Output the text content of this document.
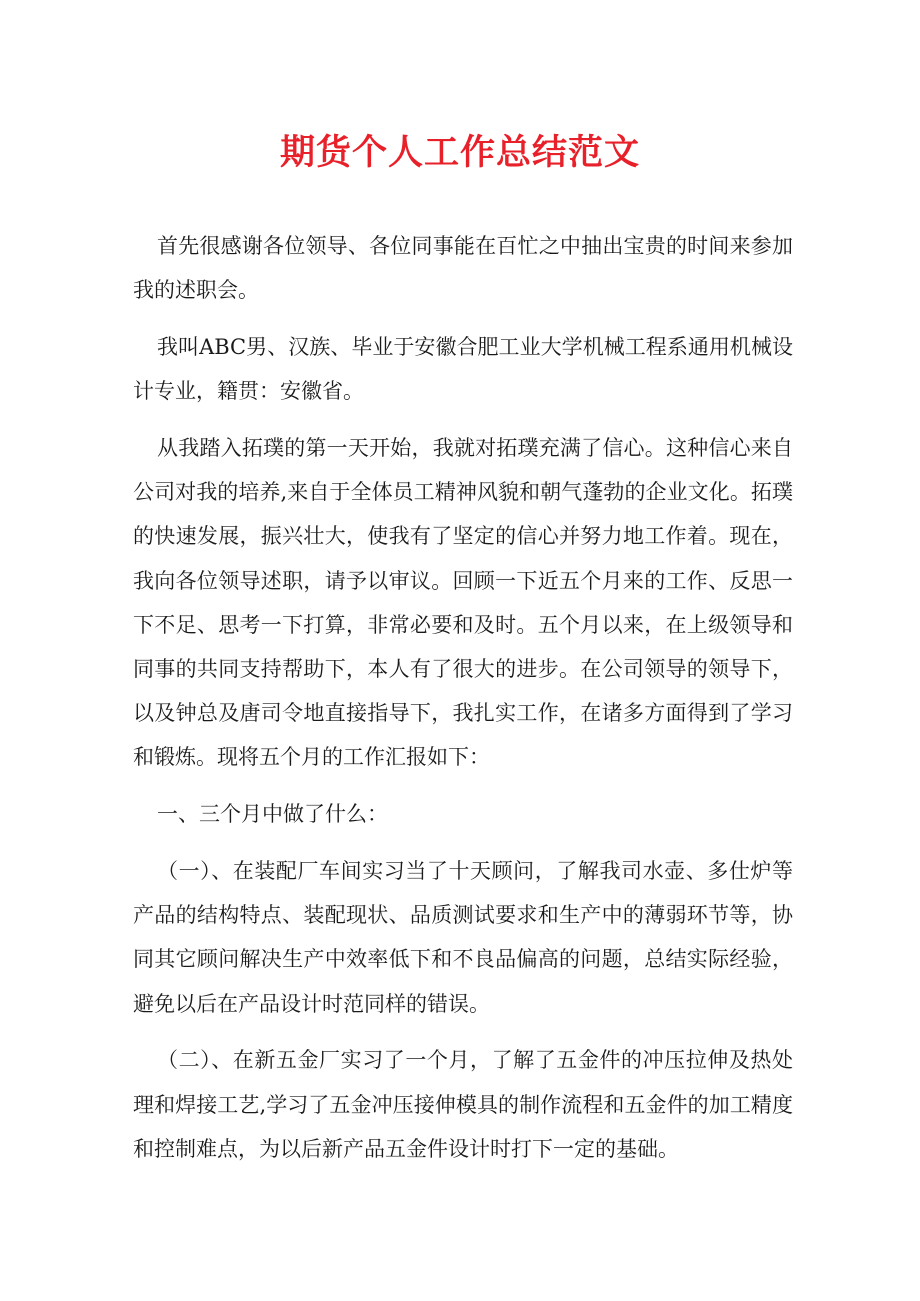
期货个人工作总结范文

首先很感谢各位领导、各位同事能在百忙之中抽出宝贵的时间来参加我的述职会。

我叫ABC男、汉族、毕业于安徽合肥工业大学机械工程系通用机械设计专业，籍贯：安徽省。

从我踏入拓璞的第一天开始，我就对拓璞充满了信心。这种信心来自公司对我的培养,来自于全体员工精神风貌和朝气蓬勃的企业文化。拓璞的快速发展，振兴壮大，使我有了坚定的信心并努力地工作着。现在，我向各位领导述职，请予以审议。回顾一下近五个月来的工作、反思一下不足、思考一下打算，非常必要和及时。五个月以来，在上级领导和同事的共同支持帮助下，本人有了很大的进步。在公司领导的领导下，以及钟总及唐司令地直接指导下，我扎实工作，在诸多方面得到了学习和锻炼。现将五个月的工作汇报如下：

一、三个月中做了什么：

（一）、在装配厂车间实习当了十天顾问，了解我司水壶、多仕炉等产品的结构特点、装配现状、品质测试要求和生产中的薄弱环节等，协同其它顾问解决生产中效率低下和不良品偏高的问题，总结实际经验，避免以后在产品设计时范同样的错误。

（二）、在新五金厂实习了一个月，了解了五金件的冲压拉伸及热处理和焊接工艺,学习了五金冲压接伸模具的制作流程和五金件的加工精度和控制难点，为以后新产品五金件设计时打下一定的基础。
